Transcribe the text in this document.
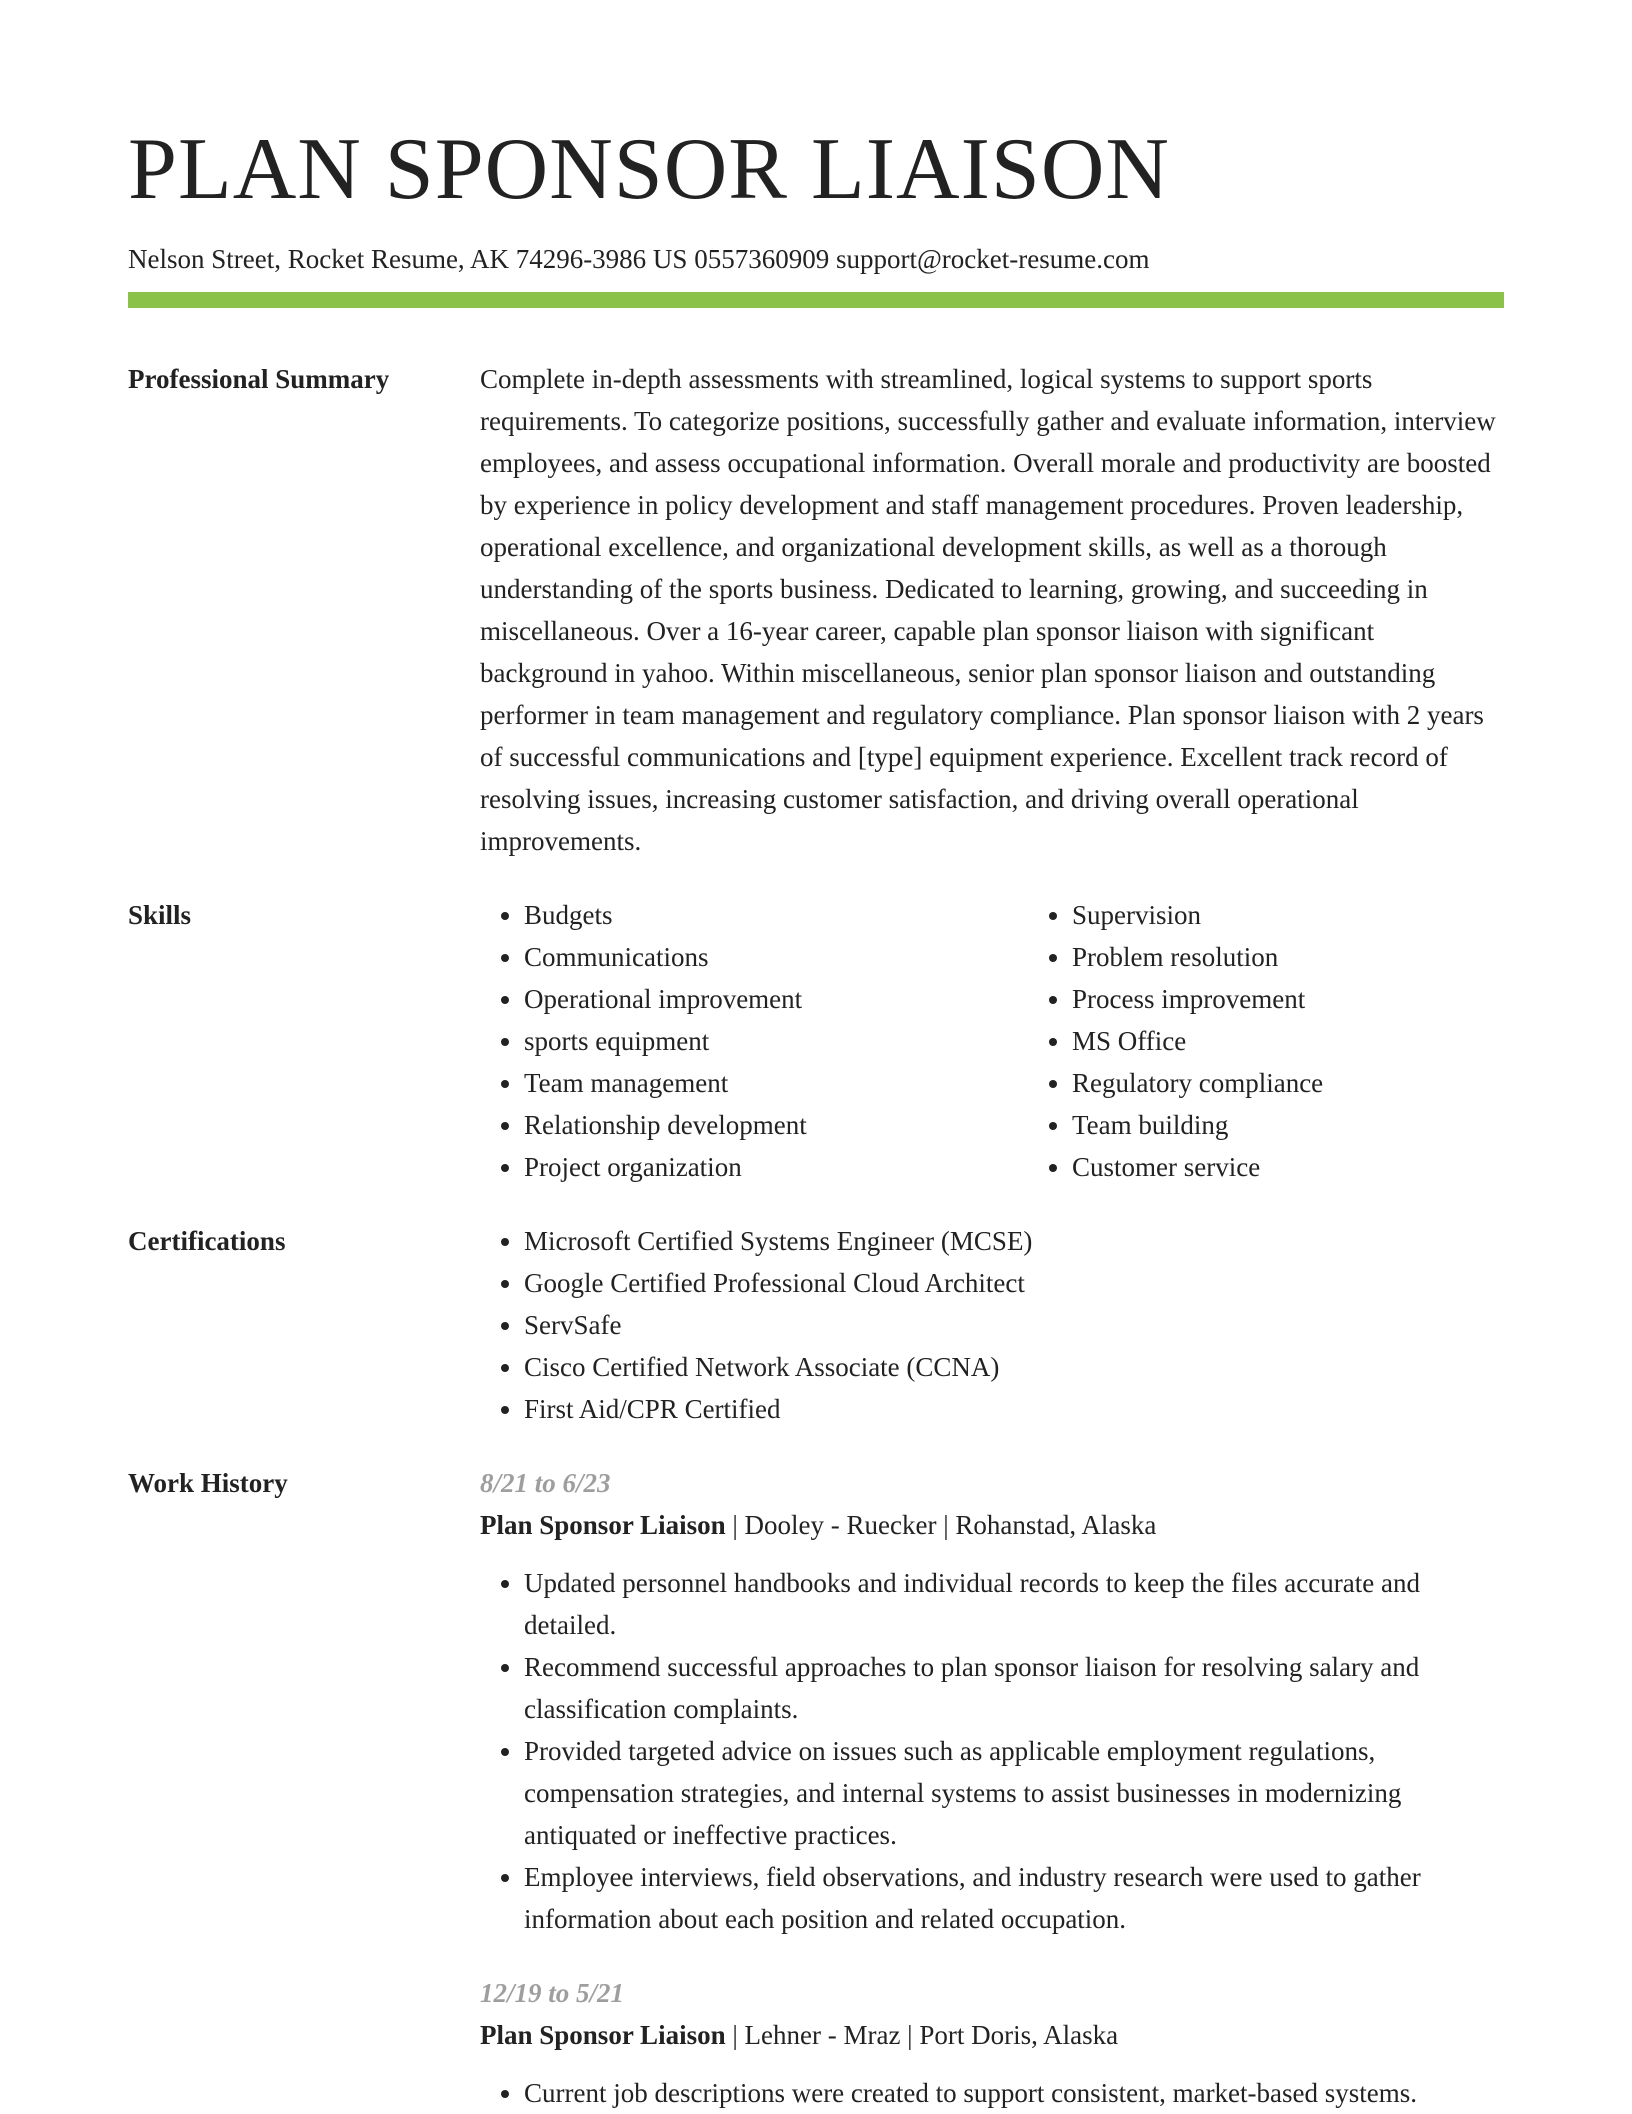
PLAN SPONSOR LIAISON
Nelson Street, Rocket Resume, AK 74296-3986 US 0557360909 support@rocket-resume.com
Professional Summary	Complete in-depth assessments with streamlined, logical systems to support sports requirements. To categorize positions, successfully gather and evaluate information, interview employees, and assess occupational information. Overall morale and productivity are boosted by experience in policy development and staff management procedures. Proven leadership, operational excellence, and organizational development skills, as well as a thorough understanding of the sports business. Dedicated to learning, growing, and succeeding in miscellaneous. Over a 16-year career, capable plan sponsor liaison with significant background in yahoo. Within miscellaneous, senior plan sponsor liaison and outstanding performer in team management and regulatory compliance. Plan sponsor liaison with 2 years of successful communications and [type] equipment experience. Excellent track record of resolving issues, increasing customer satisfaction, and driving overall operational improvements.

Skills	• Budgets
• Communications
• Operational improvement
• sports equipment
• Team management
• Relationship development
• Project organization
• Supervision
• Problem resolution
• Process improvement
• MS Office
• Regulatory compliance
• Team building
• Customer service
Certifications	• Microsoft Certified Systems Engineer (MCSE)
• Google Certified Professional Cloud Architect
• ServSafe
• Cisco Certified Network Associate (CCNA)
• First Aid/CPR Certified
Work History	8/21 to 6/23
Plan Sponsor Liaison | Dooley - Ruecker | Rohanstad, Alaska
• Updated personnel handbooks and individual records to keep the files accurate and detailed.
• Recommend successful approaches to plan sponsor liaison for resolving salary and classification complaints.
• Provided targeted advice on issues such as applicable employment regulations, compensation strategies, and internal systems to assist businesses in modernizing antiquated or ineffective practices.
• Employee interviews, field observations, and industry research were used to gather information about each position and related occupation.
12/19 to 5/21
Plan Sponsor Liaison | Lehner - Mraz | Port Doris, Alaska
• Current job descriptions were created to support consistent, market-based systems.
